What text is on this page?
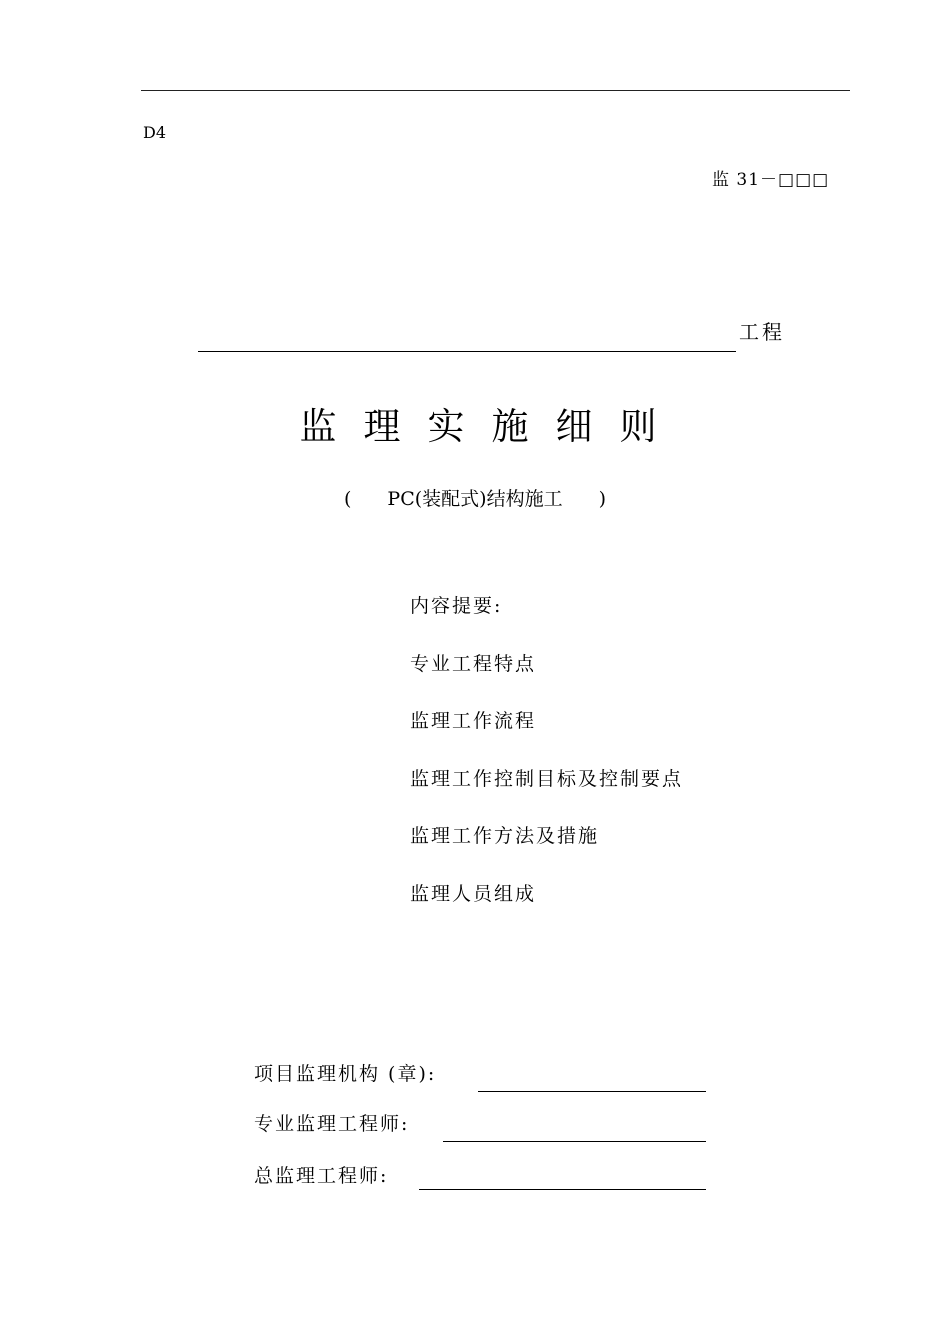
D4
监 31－□□□
工程
监理实施细则
( PC(装配式)结构施工 )
内容提要:
专业工程特点
监理工作流程
监理工作控制目标及控制要点
监理工作方法及措施
监理人员组成
项目监理机构 (章):
专业监理工程师:
总监理工程师:
